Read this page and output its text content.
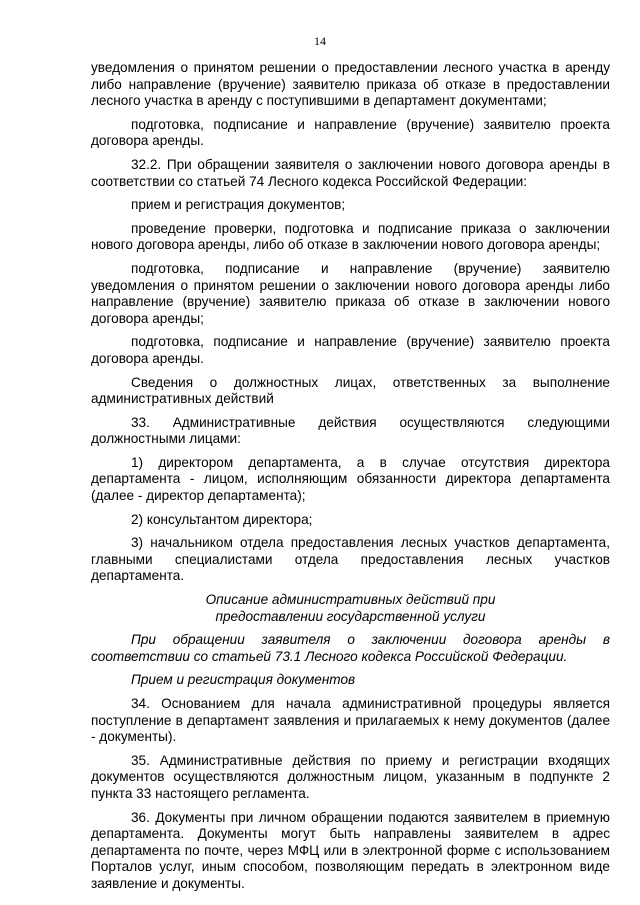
14

уведомления о принятом решении о предоставлении лесного участка в аренду либо направление (вручение) заявителю приказа об отказе в предоставлении лесного участка в аренду с поступившими в департамент документами;

подготовка, подписание и направление (вручение) заявителю проекта договора аренды.

32.2. При обращении заявителя о заключении нового договора аренды в соответствии со статьей 74 Лесного кодекса Российской Федерации:

прием и регистрация документов;

проведение проверки, подготовка и подписание приказа о заключении нового договора аренды, либо об отказе в заключении нового договора аренды;

подготовка, подписание и направление (вручение) заявителю уведомления о принятом решении о заключении нового договора аренды либо направление (вручение) заявителю приказа об отказе в заключении нового договора аренды;

подготовка, подписание и направление (вручение) заявителю проекта договора аренды.

Сведения о должностных лицах, ответственных за выполнение административных действий

33. Административные действия осуществляются следующими должностными лицами:

1) директором департамента, а в случае отсутствия директора департамента - лицом, исполняющим обязанности директора департамента (далее - директор департамента);

2) консультантом директора;

3) начальником отдела предоставления лесных участков департамента, главными специалистами отдела предоставления лесных участков департамента.

Описание административных действий при предоставлении государственной услуги

При обращении заявителя о заключении договора аренды в соответствии со статьей 73.1 Лесного кодекса Российской Федерации.

Прием и регистрация документов

34. Основанием для начала административной процедуры является поступление в департамент заявления и прилагаемых к нему документов (далее - документы).

35. Административные действия по приему и регистрации входящих документов осуществляются должностным лицом, указанным в подпункте 2 пункта 33 настоящего регламента.

36. Документы при личном обращении подаются заявителем в приемную департамента. Документы могут быть направлены заявителем в адрес департамента по почте, через МФЦ или в электронной форме с использованием Порталов услуг, иным способом, позволяющим передать в электронном виде заявление и документы.
